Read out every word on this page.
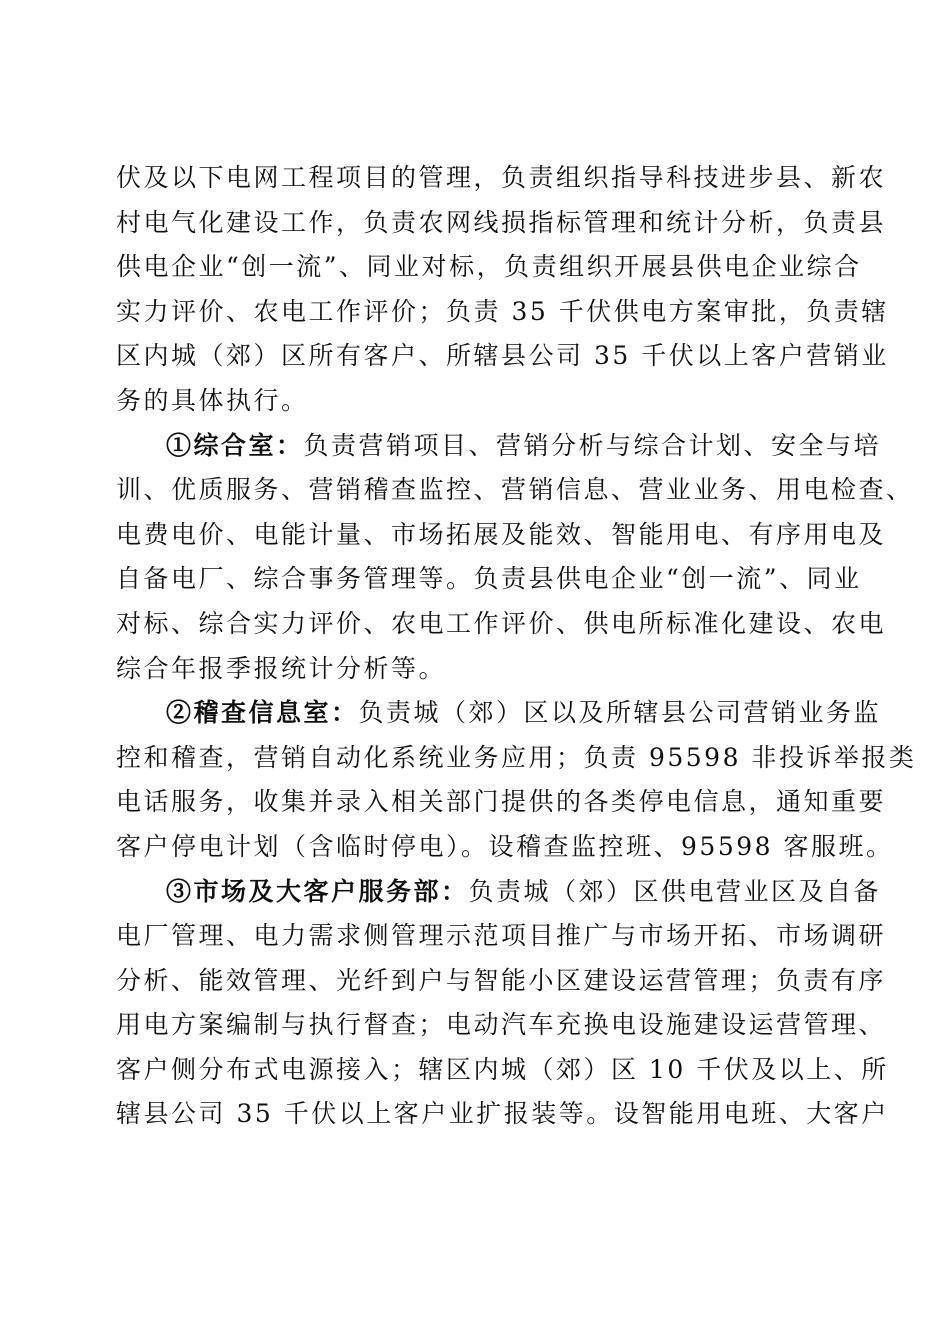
伏及以下电网工程项目的管理，负责组织指导科技进步县、新农
村电气化建设工作，负责农网线损指标管理和统计分析，负责县
供电企业“创一流”、同业对标，负责组织开展县供电企业综合
实力评价、农电工作评价；负责 35 千伏供电方案审批，负责辖
区内城（郊）区所有客户、所辖县公司 35 千伏以上客户营销业
务的具体执行。
①综合室：负责营销项目、营销分析与综合计划、安全与培
训、优质服务、营销稽查监控、营销信息、营业业务、用电检查、
电费电价、电能计量、市场拓展及能效、智能用电、有序用电及
自备电厂、综合事务管理等。负责县供电企业“创一流”、同业
对标、综合实力评价、农电工作评价、供电所标准化建设、农电
综合年报季报统计分析等。
②稽查信息室：负责城（郊）区以及所辖县公司营销业务监
控和稽查，营销自动化系统业务应用；负责 95598 非投诉举报类
电话服务，收集并录入相关部门提供的各类停电信息，通知重要
客户停电计划（含临时停电）。设稽查监控班、95598 客服班。
③市场及大客户服务部：负责城（郊）区供电营业区及自备
电厂管理、电力需求侧管理示范项目推广与市场开拓、市场调研
分析、能效管理、光纤到户与智能小区建设运营管理；负责有序
用电方案编制与执行督查；电动汽车充换电设施建设运营管理、
客户侧分布式电源接入；辖区内城（郊）区 10 千伏及以上、所
辖县公司 35 千伏以上客户业扩报装等。设智能用电班、大客户
